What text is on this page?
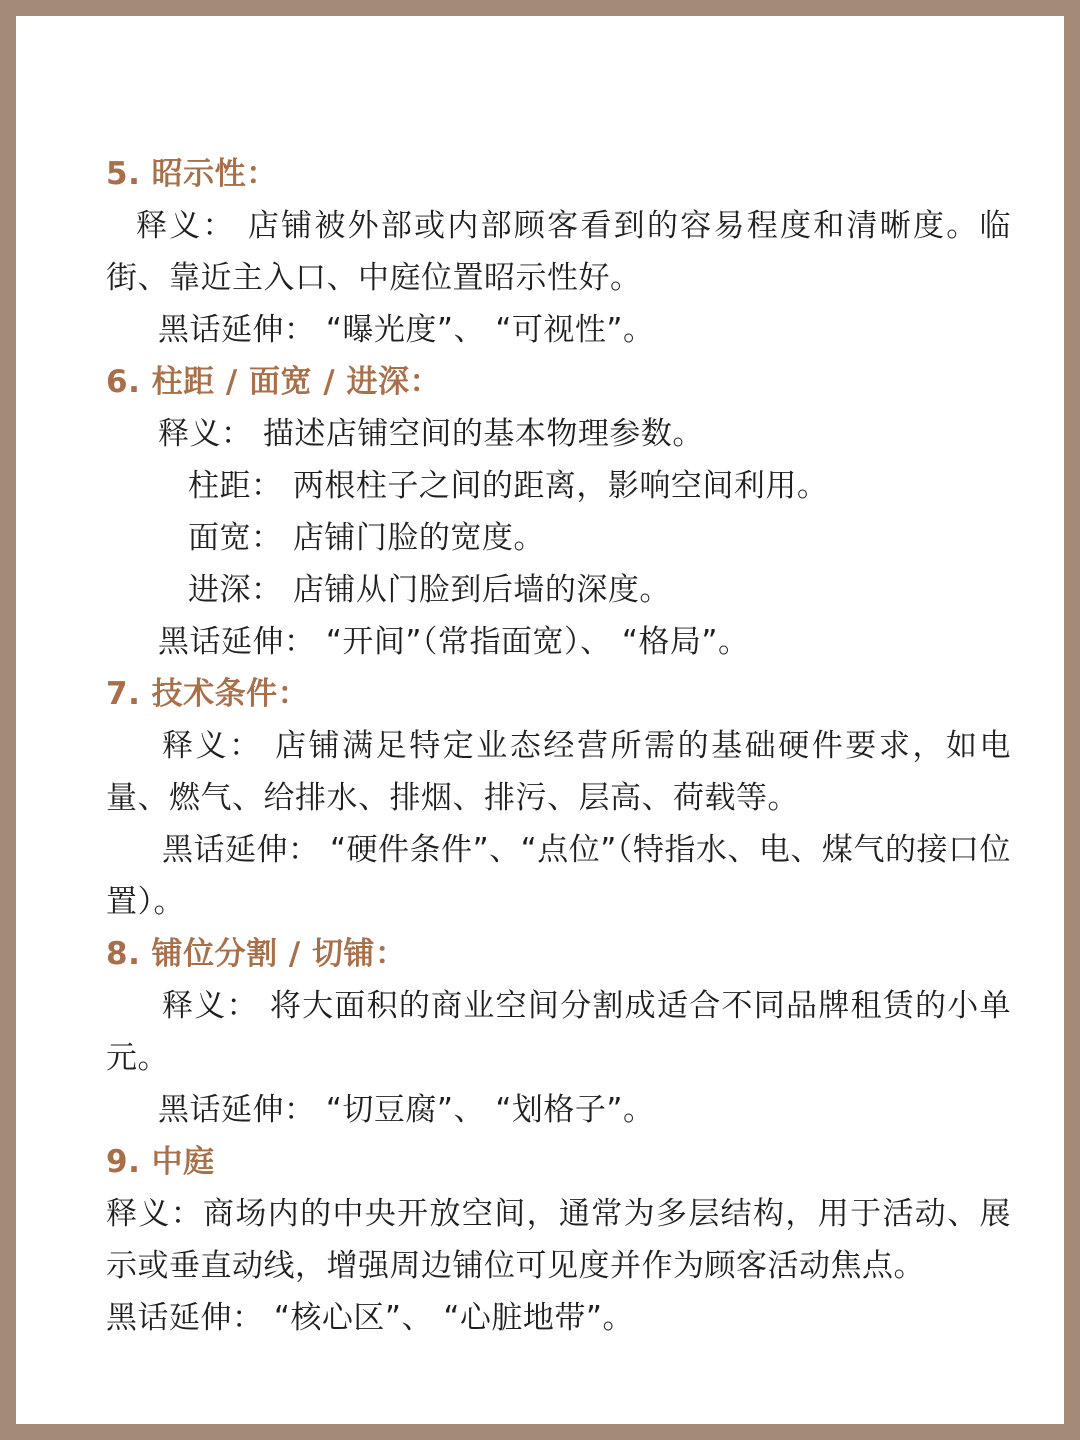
5. 昭示性：
释义： 店铺被外部或内部顾客看到的容易程度和清晰度。临街、靠近主入口、中庭位置昭示性好。
黑话延伸： “曝光度”、 “可视性”。
6. 柱距 / 面宽 / 进深：
释义： 描述店铺空间的基本物理参数。
柱距： 两根柱子之间的距离，影响空间利用。
面宽： 店铺门脸的宽度。
进深： 店铺从门脸到后墙的深度。
黑话延伸： “开间”（常指面宽）、 “格局”。
7. 技术条件：
释义： 店铺满足特定业态经营所需的基础硬件要求，如电量、燃气、给排水、排烟、排污、层高、荷载等。
黑话延伸： “硬件条件”、“点位”（特指水、电、煤气的接口位置）。
8. 铺位分割 / 切铺：
释义： 将大面积的商业空间分割成适合不同品牌租赁的小单元。
黑话延伸： “切豆腐”、 “划格子”。
9. 中庭
释义：商场内的中央开放空间，通常为多层结构，用于活动、展示或垂直动线，增强周边铺位可见度并作为顾客活动焦点。
黑话延伸： “核心区”、 “心脏地带”。
